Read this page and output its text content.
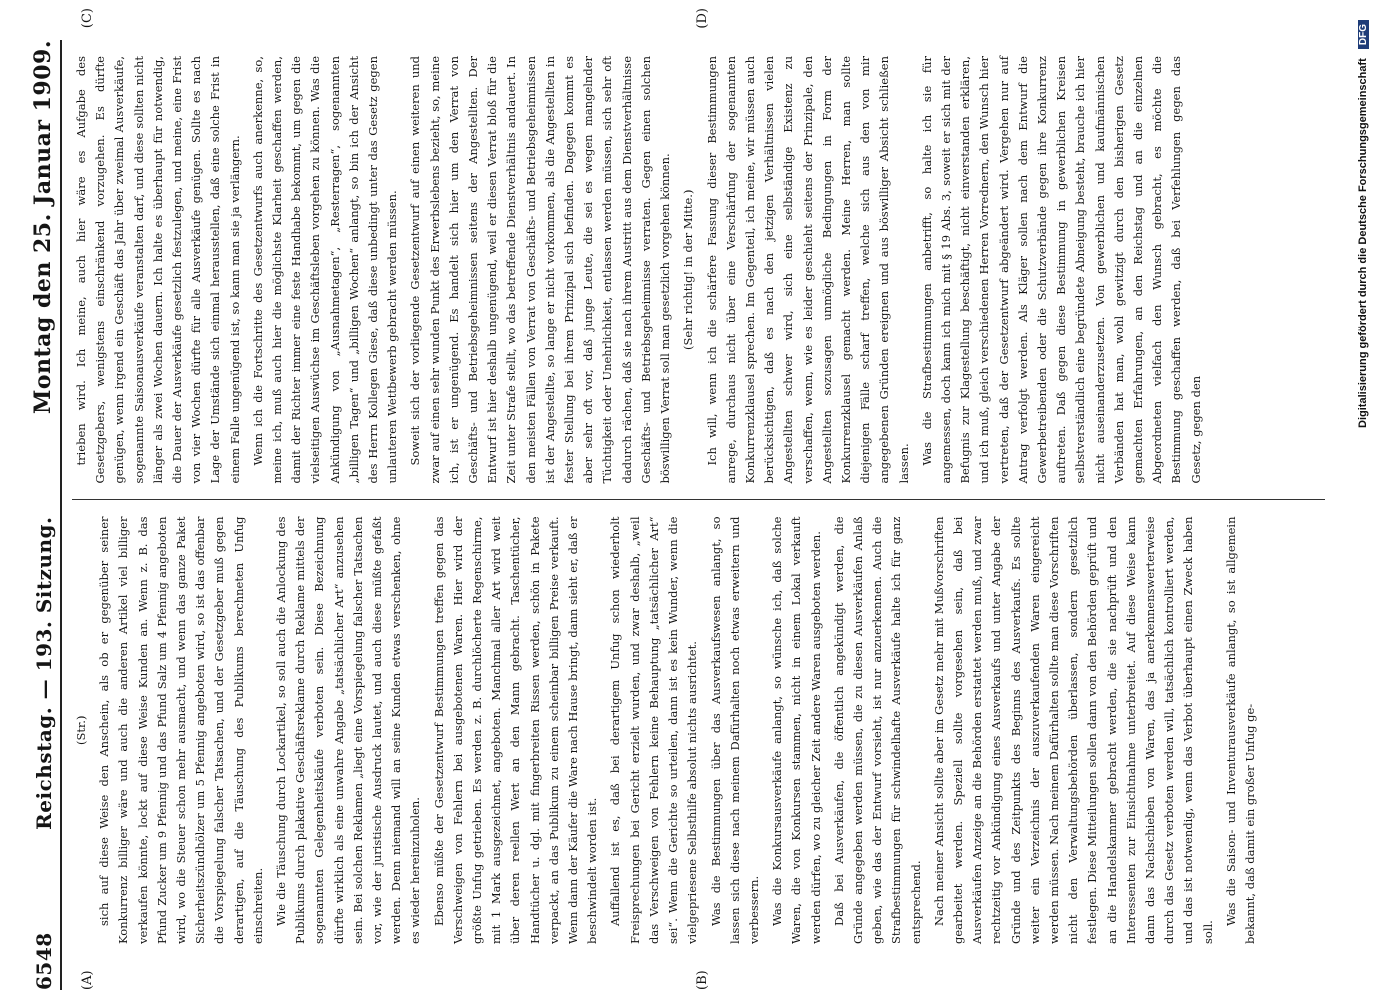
6548
Reichstag. — 193. Sitzung.
Montag den 25. Januar 1909.
(A)	(B)
(C)	(D)

(Str.) sich auf diese Weise den Anschein, als ob er gegenüber seiner Konkurrenz billiger wäre und auch die anderen Artikel viel billiger verkaufen könnte, lockt auf diese Weise Kunden an. Wenn z. B. das Pfund Zucker um 9 Pfennig und das Pfund Salz um 4 Pfennig angeboten wird, wo die Steuer schon mehr ausmacht, und wenn das ganze Paket Sicherheitszündhölzer um 5 Pfennig angeboten wird, so ist das offenbar die Vorspiegelung falscher Tatsachen, und der Gesetzgeber muß gegen derartigen, auf die Täuschung des Publikums berechneten Unfug einschreiten. Wie die Täuschung durch Lockartikel, so soll auch die Anlockung des Publikums durch plakative Geschäftsreklame durch Reklame mittels der sogenannten Gelegenheitskäufe verboten sein. Diese Bezeichnung dürfte wirklich als eine unwahre Angabe „tatsächlicher Art“ anzusehen sein. Bei solchen Reklamen „liegt eine Vorspiegelung falscher Tatsachen vor, wie der juristische Ausdruck lautet, und auch diese müßte gefaßt werden. Denn niemand will an seine Kunden etwas verschenken, ohne es wieder hereinzuholen. Ebenso müßte der Gesetzentwurf Bestimmungen treffen gegen das Verschweigen von Fehlern bei ausgebotenen Waren. Hier wird der größte Unfug getrieben. Es werden z. B. durchlöcherte Regenschirme, mit 1 Mark ausgezeichnet, angeboten. Manchmal aller Art wird weit über deren reellen Wert an den Mann gebracht. Taschentücher, Handtücher u. dgl. mit fingerbreiten Rissen werden, schön in Pakete verpackt, an das Publikum zu einem scheinbar billigen Preise verkauft. Wenn dann der Käufer die Ware nach Hause bringt, dann sieht er, daß er beschwindelt worden ist. Auffallend ist es, daß bei derartigem Unfug schon wiederholt Freisprechungen bei Gericht erzielt wurden, und zwar deshalb, „weil das Verschweigen von Fehlern keine Behauptung „tatsächlicher Art“ sei“. Wenn die Gerichte so urteilen, dann ist es kein Wunder, wenn die vielgepriesene Selbsthilfe absolut nichts ausrichtet. Was die Bestimmungen über das Ausverkaufswesen anlangt, so lassen sich diese nach meinem Dafürhalten noch etwas erweitern und verbessern. Was die Konkursausverkäufe anlangt, so wünsche ich, daß solche Waren, die von Konkursen stammen, nicht in einem Lokal verkauft werden dürfen, wo zu gleicher Zeit andere Waren ausgeboten werden. Daß bei Ausverkäufen, die öffentlich angekündigt werden, die Gründe angegeben werden müssen, die zu diesen Ausverkäufen Anlaß geben, wie das der Entwurf vorsieht, ist nur anzuerkennen. Auch die Strafbestimmungen für schwindelhafte Ausverkäufe halte ich für ganz entsprechend. Nach meiner Ansicht sollte aber im Gesetz mehr mit Mußvorschriften gearbeitet werden. Speziell sollte vorgesehen sein, daß bei Ausverkäufen Anzeige an die Behörden erstattet werden muß, und zwar rechtzeitig vor Ankündigung eines Ausverkaufs und unter Angabe der Gründe und des Zeitpunkts des Beginns des Ausverkaufs. Es sollte weiter ein Verzeichnis der auszuverkaufenden Waren eingereicht werden müssen. Nach meinem Dafürhalten sollte man diese Vorschriften nicht den Verwaltungsbehörden überlassen, sondern gesetzlich festlegen. Diese Mitteilungen sollen dann von den Behörden geprüft und an die Handelskammer gebracht werden, die sie nachprüft und den Interessenten zur Einsichtnahme unterbreitet. Auf diese Weise kann dann das Nachschieben von Waren, das ja anerkennenswerterweise durch das Gesetz verboten werden will, tatsächlich kontrolliert werden, und das ist notwendig, wenn das Verbot überhaupt einen Zweck haben soll.

Was die Saison- und Inventurausverkäufe anlangt, so ist allgemein bekannt, daß damit ein großer Unfug ge-

trieben wird. Ich meine, auch hier wäre es Aufgabe des Gesetzgebers, wenigstens einschränkend vorzugehen. Es dürfte genügen, wenn irgend ein Geschäft das Jahr über zweimal Ausverkäufe, sogenannte Saisonausverkäufe veranstalten darf, und diese sollten nicht länger als zwei Wochen dauern. Ich halte es überhaupt für notwendig, die Dauer der Ausverkäufe gesetzlich festzulegen, und meine, eine Frist von vier Wochen dürfte für alle Ausverkäufe genügen. Sollte es nach Lage der Umstände sich einmal herausstellen, daß eine solche Frist in einem Falle ungenügend ist, so kann man sie ja verlängern. Wenn ich die Fortschritte des Gesetzentwurfs auch anerkenne, so, meine ich, muß auch hier die möglichste Klarheit geschaffen werden, damit der Richter immer eine feste Handhabe bekommt, um gegen die vielseitigen Auswüchse im Geschäftsleben vorgehen zu können. Was die Ankündigung von „Ausnahmetagen“, „Resterragen“, sogenannten „billigen Tagen“ und „billigen Wochen“ anlangt, so bin ich der Ansicht des Herrn Kollegen Giese, daß diese unbedingt unter das Gesetz gegen unlauteren Wettbewerb gebracht werden müssen. Soweit sich der vorliegende Gesetzentwurf auf einen weiteren und zwar auf einen sehr wunden Punkt des Erwerbslebens bezieht, so, meine ich, ist er ungenügend. Es handelt sich hier um den Verrat von Geschäfts- und Betriebsgeheimnissen seitens der Angestellten. Der Entwurf ist hier deshalb ungenügend, weil er diesen Verrat bloß für die Zeit unter Strafe stellt, wo das betreffende Dienstverhältnis andauert. In den meisten Fällen von Verrat von Geschäfts- und Betriebsgeheimnissen ist der Angestellte, so lange er nicht vorkommen, als die Angestellten in fester Stellung bei ihrem Prinzipal sich befinden. Dagegen kommt es aber sehr oft vor, daß junge Leute, die sei es wegen mangelnder Tüchtigkeit oder Unehrlichkeit, entlassen werden müssen, sich sehr oft dadurch rächen, daß sie nach ihrem Austritt aus dem Dienstverhältnisse Geschäfts- und Betriebsgeheimnisse verraten. Gegen einen solchen böswilligen Verrat soll man gesetzlich vorgehen können. (Sehr richtig! in der Mitte.) Ich will, wenn ich die schärfere Fassung dieser Bestimmungen anrege, durchaus nicht über eine Verschärfung der sogenannten Konkurrenzklausel sprechen. Im Gegenteil, ich meine, wir müssen auch berücksichtigen, daß es nach den jetzigen Verhältnissen vielen Angestellten schwer wird, sich eine selbständige Existenz zu verschaffen, wenn, wie es leider geschieht seitens der Prinzipale, den Angestellten sozusagen unmögliche Bedingungen in Form der Konkurrenzklausel gemacht werden. Meine Herren, man sollte diejenigen Fälle scharf treffen, welche sich aus den von mir angegebenen Gründen ereignen und aus böswilliger Absicht schließen lassen. Was die Strafbestimmungen anbetrifft, so halte ich sie für angemessen, doch kann ich mich mit § 19 Abs. 3, soweit er sich mit der Befugnis zur Klagestellung beschäftigt, nicht einverstanden erklären, und ich muß, gleich verschiedenen Herren Vorrednern, den Wunsch hier vertreten, daß der Gesetzentwurf abgeändert wird. Vergehen nur auf Antrag verfolgt werden. Als Kläger sollen nach dem Entwurf die Gewerbetreibenden oder die Schutzverbände gegen ihre Konkurrenz auftreten. Daß gegen diese Bestimmung in gewerblichen Kreisen selbstverständlich eine begründete Abneigung besteht, brauche ich hier nicht auseinanderzusetzen. Von gewerblichen und kaufmännischen Verbänden hat man, wohl gewitzigt durch den bisherigen Gesetz gemachten Erfahrungen, an den Reichstag und an die einzelnen Abgeordneten vielfach den Wunsch gebracht, es möchte die Bestimmung geschaffen werden, daß bei Verfehlungen gegen das Gesetz, gegen den

Digitalisierung gefördert durch die Deutsche Forschungsgemeinschaft DFG
